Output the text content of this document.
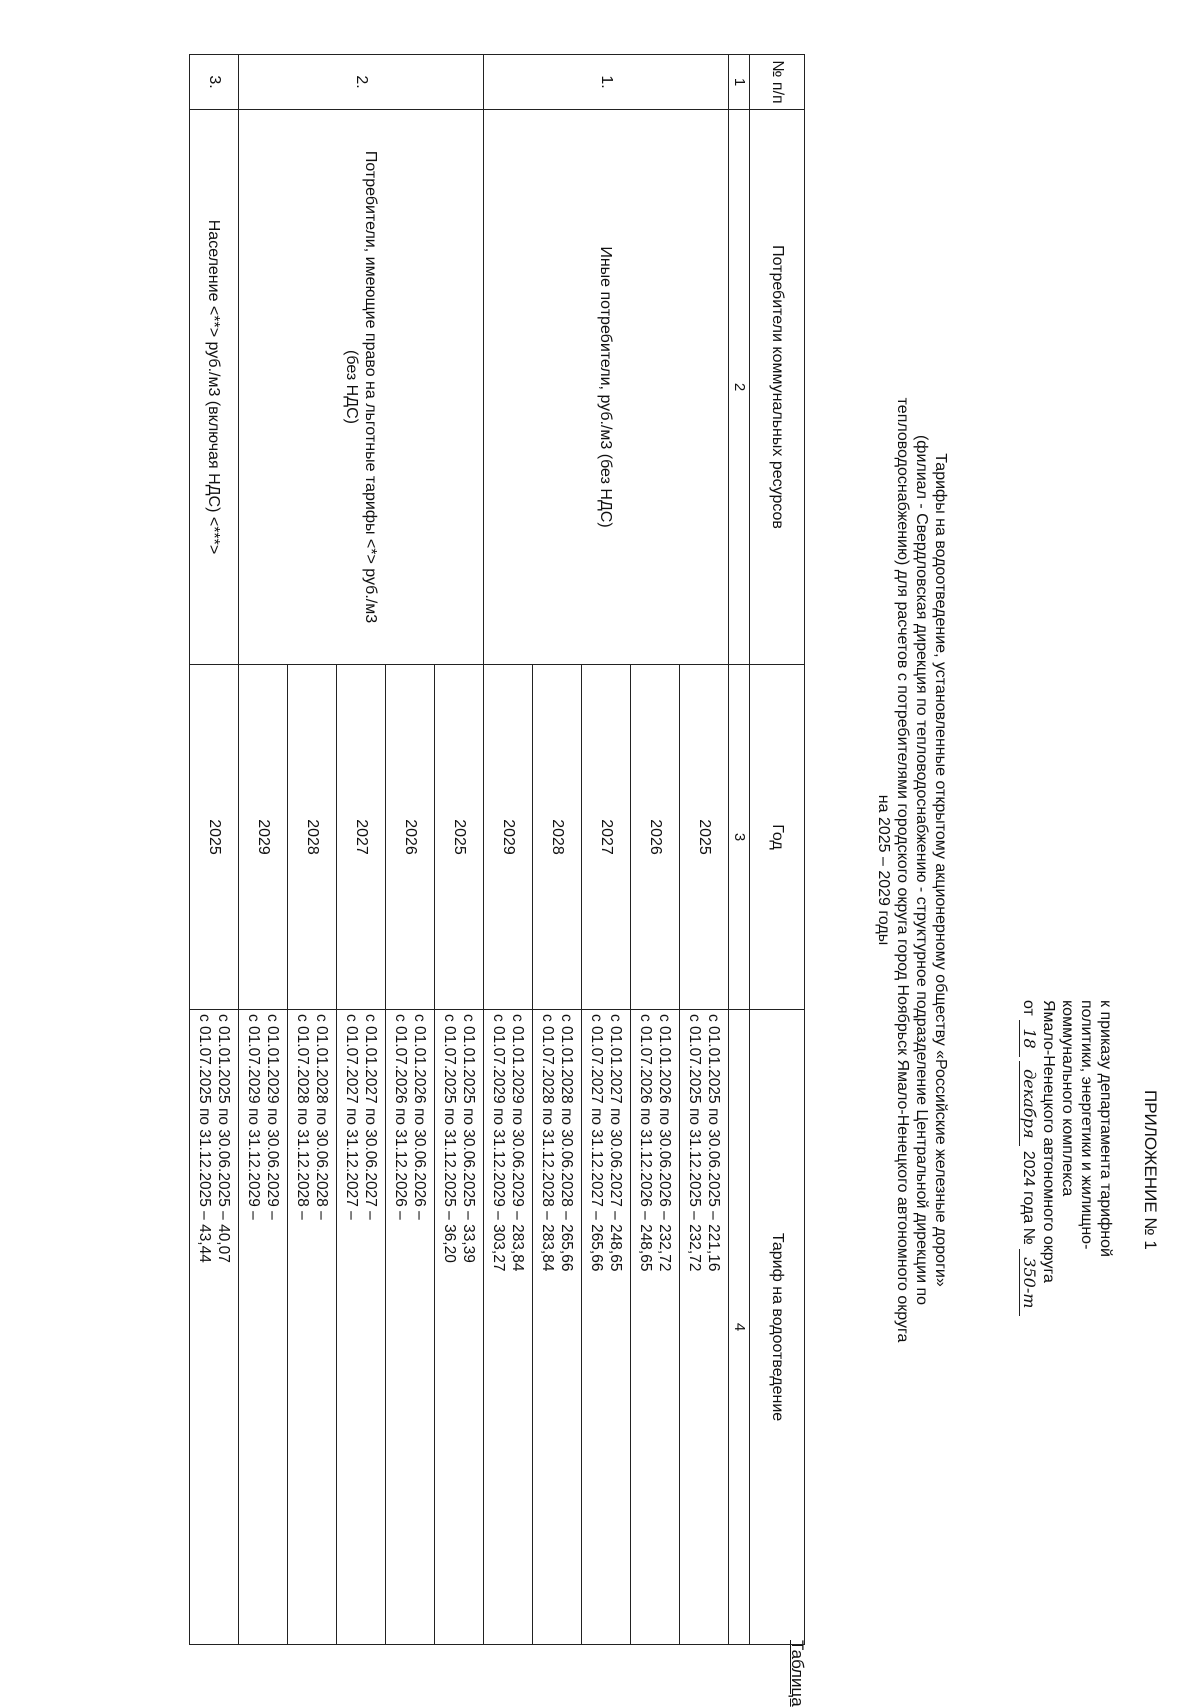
ПРИЛОЖЕНИЕ № 1
к приказу департамента тарифной
политики, энергетики и жилищно-
коммунального комплекса
Ямало-Ненецкого автономного округа
от 18 декабря 2024 года № 350-т
Таблица
Тарифы на водоотведение, установленные открытому акционерному обществу «Российские железные дороги»
(филиал - Свердловская дирекция по тепловодоснабжению - структурное подразделение Центральной дирекции по
тепловодоснабжению) для расчетов с потребителями городского округа город Ноябрьск Ямало-Ненецкого автономного округа
на 2025 – 2029 годы
№ п/п	Потребители коммунальных ресурсов	Год	Тариф на водоотведение
1	2	3	4
1.	Иные потребители, руб./м3 (без НДС)	2025	с 01.01.2025 по 30.06.2025 – 221,16
с 01.07.2025 по 31.12.2025 – 232,72

		2026	с 01.01.2026 по 30.06.2026 – 232,72
с 01.07.2026 по 31.12.2026 – 248,65

		2027	с 01.01.2027 по 30.06.2027 – 248,65
с 01.07.2027 по 31.12.2027 – 265,66

		2028	с 01.01.2028 по 30.06.2028 – 265,66
с 01.07.2028 по 31.12.2028 – 283,84

		2029	с 01.01.2029 по 30.06.2029 – 283,84
с 01.07.2029 по 31.12.2029 – 303,27

2.	Потребители, имеющие право на льготные тарифы <*> руб./м3 (без НДС)	2025	с 01.01.2025 по 30.06.2025 – 33,39
с 01.07.2025 по 31.12.2025 – 36,20

		2026	с 01.01.2026 по 30.06.2026 –
с 01.07.2026 по 31.12.2026 –

		2027	с 01.01.2027 по 30.06.2027 –
с 01.07.2027 по 31.12.2027 –

		2028	с 01.01.2028 по 30.06.2028 –
с 01.07.2028 по 31.12.2028 –

		2029	с 01.01.2029 по 30.06.2029 –
с 01.07.2029 по 31.12.2029 –

3.	Население <**> руб./м3 (включая НДС) <***>	2025	с 01.01.2025 по 30.06.2025 – 40,07
с 01.07.2025 по 31.12.2025 – 43,44
